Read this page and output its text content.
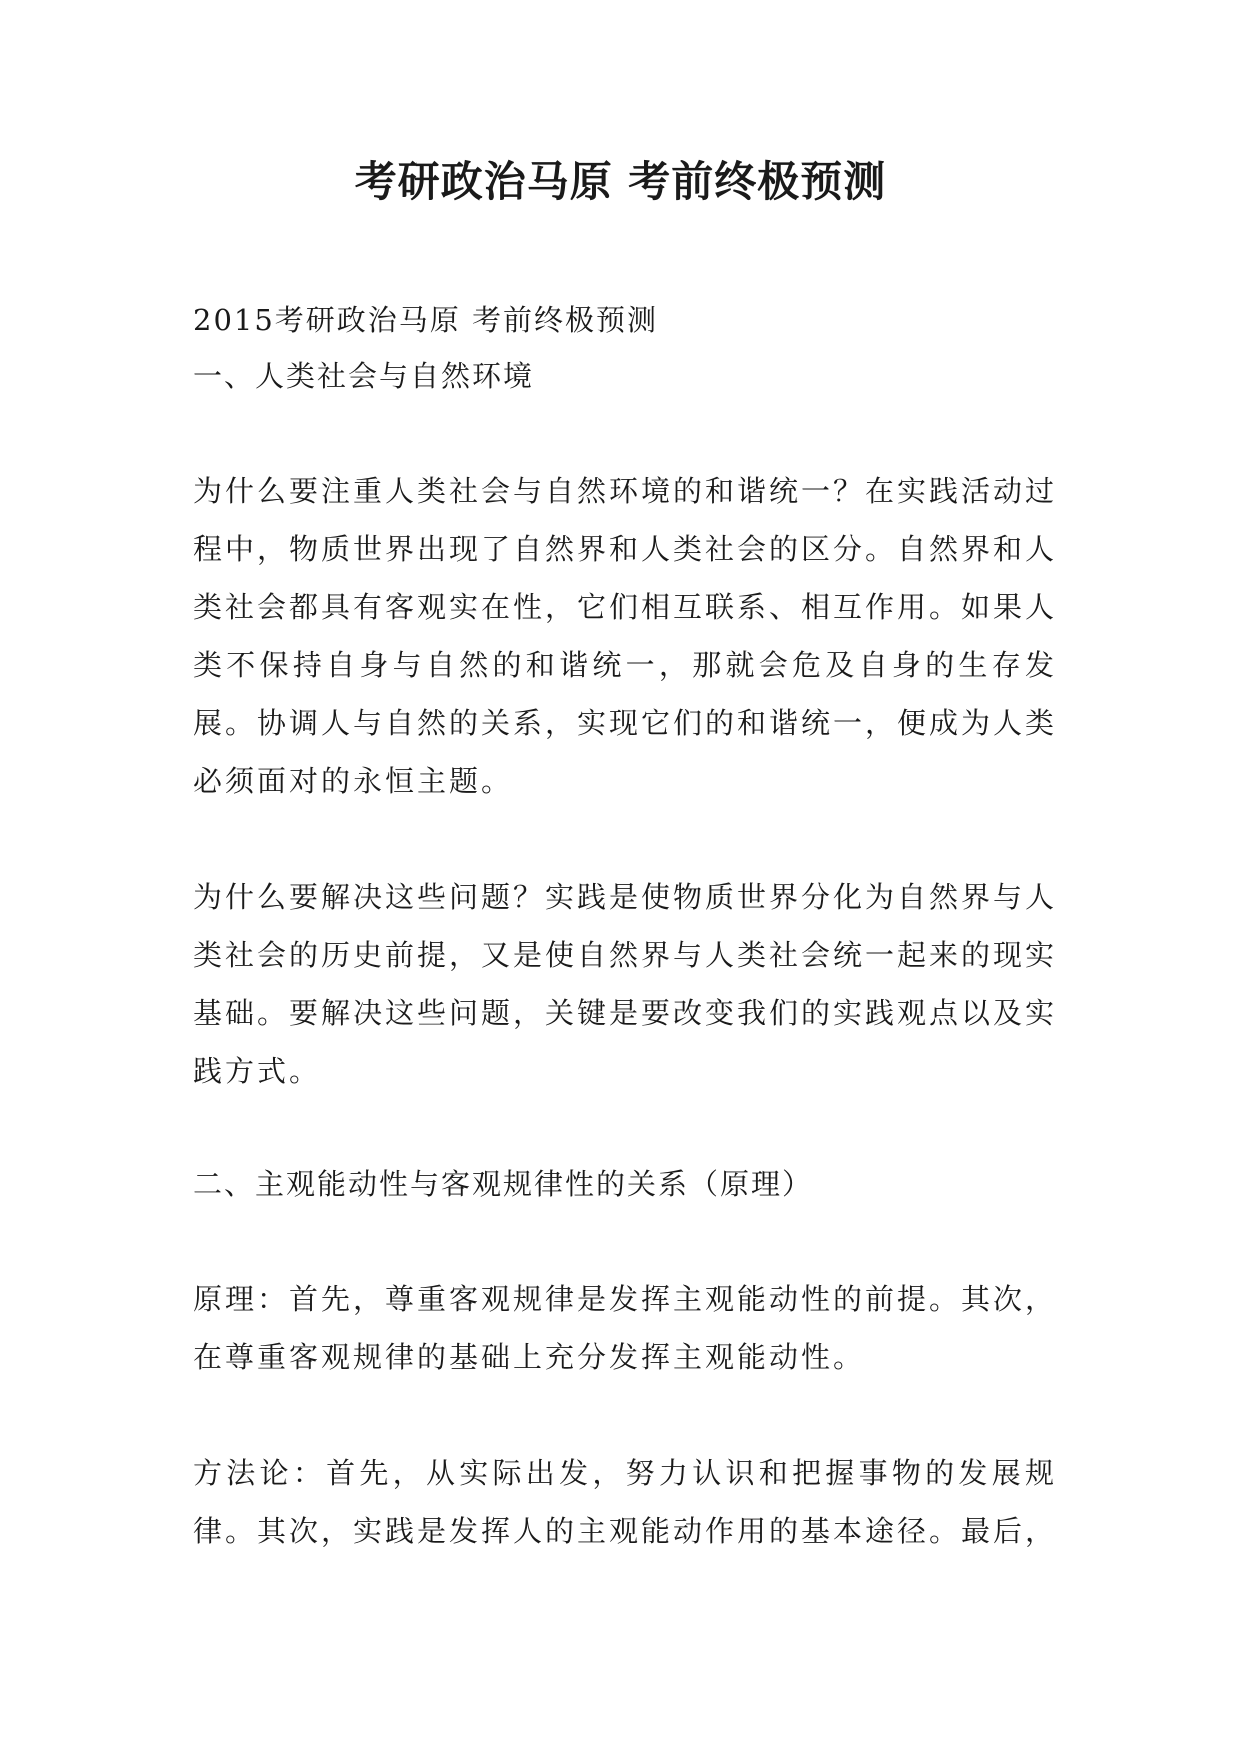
考研政治马原 考前终极预测
2015考研政治马原 考前终极预测
一、人类社会与自然环境

为什么要注重人类社会与自然环境的和谐统一？在实践活动过程中，物质世界出现了自然界和人类社会的区分。自然界和人类社会都具有客观实在性，它们相互联系、相互作用。如果人类不保持自身与自然的和谐统一，那就会危及自身的生存发展。协调人与自然的关系，实现它们的和谐统一，便成为人类必须面对的永恒主题。

为什么要解决这些问题？实践是使物质世界分化为自然界与人类社会的历史前提，又是使自然界与人类社会统一起来的现实基础。要解决这些问题，关键是要改变我们的实践观点以及实践方式。

二、主观能动性与客观规律性的关系（原理）

原理：首先，尊重客观规律是发挥主观能动性的前提。其次，在尊重客观规律的基础上充分发挥主观能动性。

方法论：首先，从实际出发，努力认识和把握事物的发展规律。其次，实践是发挥人的主观能动作用的基本途径。最后，
